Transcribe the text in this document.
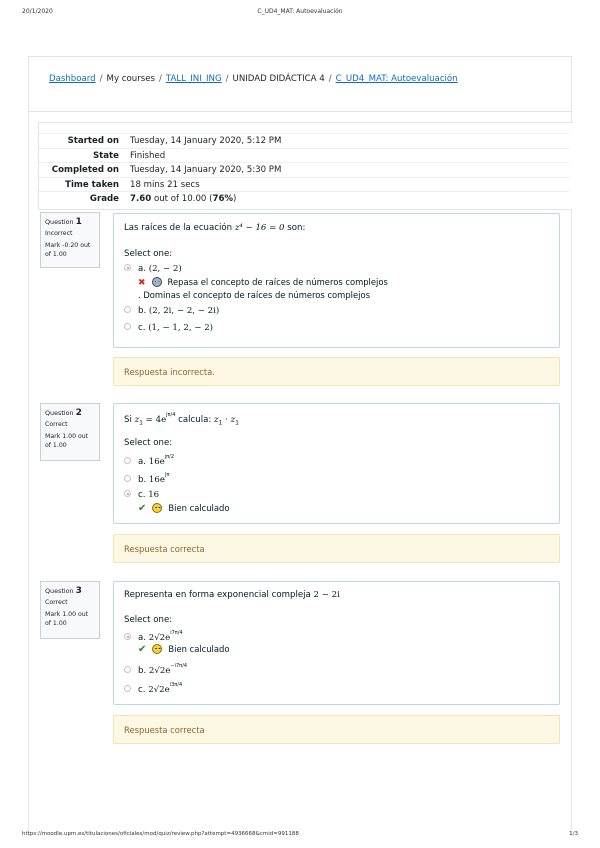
20/1/2020	C_UD4_MAT: Autoevaluación
Dashboard / My courses / TALL_INI_ING / UNIDAD DIDÁCTICA 4 / C_UD4_MAT: Autoevaluación
Started on Tuesday, 14 January 2020, 5:12 PM
State Finished
Completed on Tuesday, 14 January 2020, 5:30 PM
Time taken 18 mins 21 secs
Grade 7.60 out of 10.00 (76%)
Question 1
Incorrect
Mark -0.20 out of 1.00
Las raíces de la ecuación z⁴ − 16 = 0 son:
Select one:
a. (2, − 2)
✖	Repasa el concepto de raíces de números complejos
. Dominas el concepto de raíces de números complejos
b. (2, 2i, − 2, − 2i)
c. (1, − 1, 2, − 2)
Respuesta incorrecta.
Question 2
Correct
Mark 1.00 out of 1.00
Si $z_1 = 4e^{j\pi/4}$ calcula: $z_1 \cdot z_1$
Select one:
a. $16e^{j\pi/2}$
b. $16e^{j\pi}$
c. 16
✔	Bien calculado
Respuesta correcta
Question 3
Correct
Mark 1.00 out of 1.00
Representa en forma exponencial compleja 2 − 2i
Select one:
a. $2√2e^{i7\pi/4}$
✔	Bien calculado
b. $2√2e^{-i7\pi/4}$
c. $2√2e^{i3\pi/4}$
Respuesta correcta
https://moodle.upm.es/titulaciones/oficiales/mod/quiz/review.php?attempt=4936668&cmid=991188	1/3
